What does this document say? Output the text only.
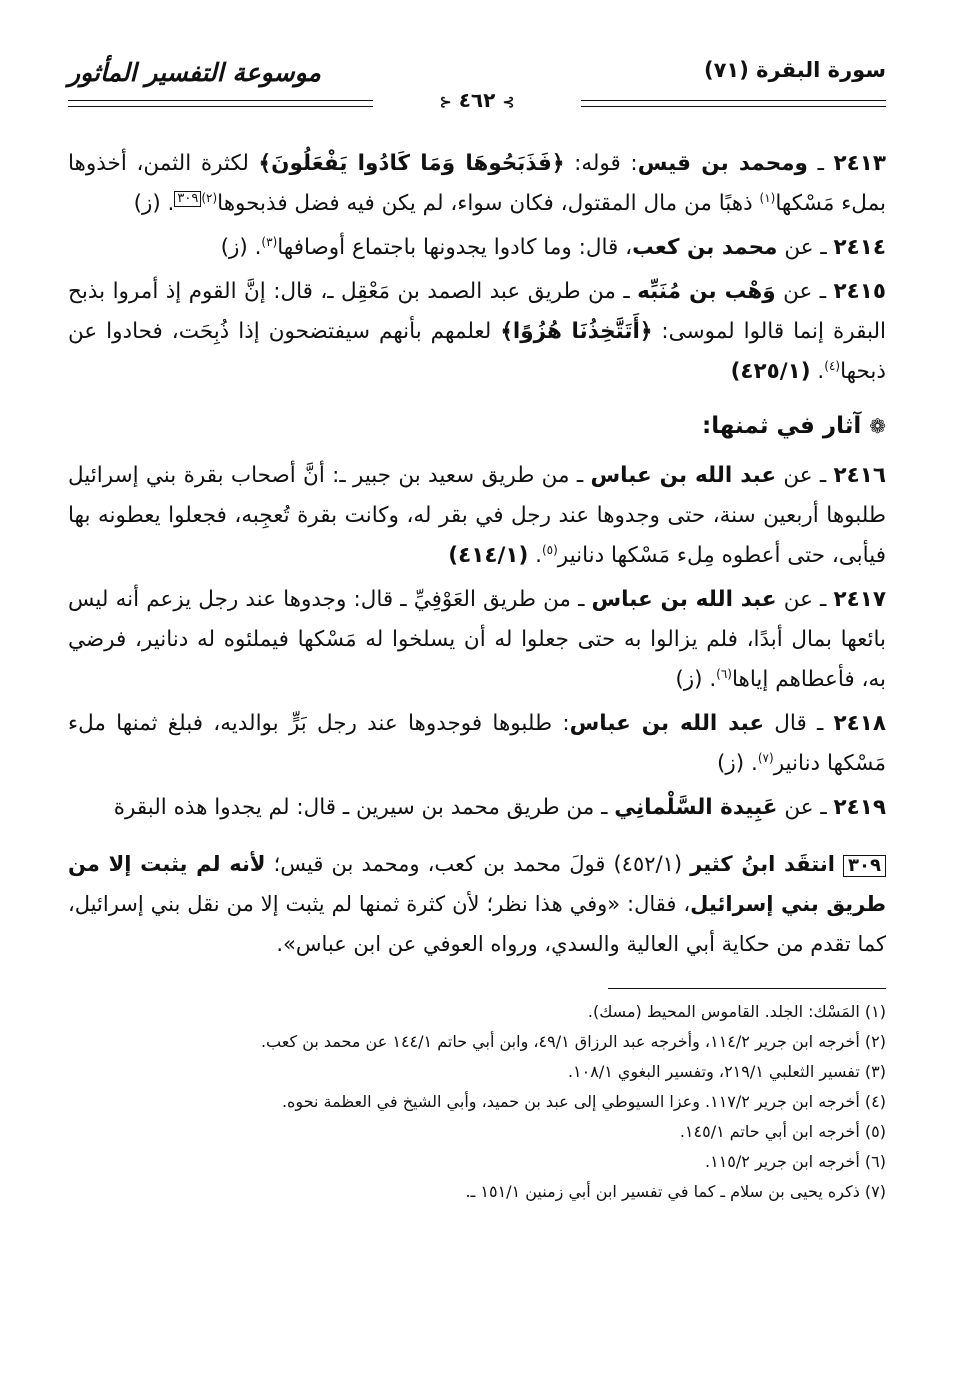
سورة البقرة (٧١)
موسوعة التفسير المأثور
⊱ ٤٦٢ ⊰

٢٤١٣ ـ ومحمد بن قيس: قوله: ﴿فَذَبَحُوهَا وَمَا كَادُوا يَفْعَلُونَ﴾ لكثرة الثمن، أخذوها بملء مَسْكها$^{(١)}$ ذهبًا من مال المقتول، فكان سواء، لم يكن فيه فضل فذبحوها$^{(٢)}$٣٠٩. (ز)

٢٤١٤ ـ عن محمد بن كعب، قال: وما كادوا يجدونها باجتماع أوصافها$^{(٣)}$. (ز)

٢٤١٥ ـ عن وَهْب بن مُنَبِّه ـ من طريق عبد الصمد بن مَعْقِل ـ، قال: إنَّ القوم إذ أمروا بذبح البقرة إنما قالوا لموسى: ﴿أَتَتَّخِذُنَا هُزُوًا﴾ لعلمهم بأنهم سيفتضحون إذا ذُبِحَت، فحادوا عن ذبحها$^{(٤)}$. (٤٢٥/١)

❁ آثار في ثمنها:

٢٤١٦ ـ عن عبد الله بن عباس ـ من طريق سعيد بن جبير ـ: أنَّ أصحاب بقرة بني إسرائيل طلبوها أربعين سنة، حتى وجدوها عند رجل في بقر له، وكانت بقرة تُعجِبه، فجعلوا يعطونه بها فيأبى، حتى أعطوه مِلء مَسْكها دنانير$^{(٥)}$. (٤١٤/١)

٢٤١٧ ـ عن عبد الله بن عباس ـ من طريق العَوْفِيِّ ـ قال: وجدوها عند رجل يزعم أنه ليس بائعها بمال أبدًا، فلم يزالوا به حتى جعلوا له أن يسلخوا له مَسْكها فيملئوه له دنانير، فرضي به، فأعطاهم إياها$^{(٦)}$. (ز)

٢٤١٨ ـ قال عبد الله بن عباس: طلبوها فوجدوها عند رجل بَرٍّ بوالديه، فبلغ ثمنها ملء مَسْكها دنانير$^{(٧)}$. (ز)

٢٤١٩ ـ عن عَبِيدة السَّلْمانِي ـ من طريق محمد بن سيرين ـ قال: لم يجدوا هذه البقرة

٣٠٩ انتقَد ابنُ كثير (٤٥٢/١) قولَ محمد بن كعب، ومحمد بن قيس؛ لأنه لم يثبت إلا من طريق بني إسرائيل، فقال: «وفي هذا نظر؛ لأن كثرة ثمنها لم يثبت إلا من نقل بني إسرائيل، كما تقدم من حكاية أبي العالية والسدي، ورواه العوفي عن ابن عباس».

(١) المَسْك: الجلد. القاموس المحيط (مسك).
(٢) أخرجه ابن جرير ١١٤/٢، وأخرجه عبد الرزاق ٤٩/١، وابن أبي حاتم ١٤٤/١ عن محمد بن كعب.
(٣) تفسير الثعلبي ٢١٩/١، وتفسير البغوي ١٠٨/١.
(٤) أخرجه ابن جرير ١١٧/٢. وعزا السيوطي إلى عبد بن حميد، وأبي الشيخ في العظمة نحوه.
(٥) أخرجه ابن أبي حاتم ١٤٥/١.
(٦) أخرجه ابن جرير ١١٥/٢.
(٧) ذكره يحيى بن سلام ـ كما في تفسير ابن أبي زمنين ١٥١/١ ـ.
